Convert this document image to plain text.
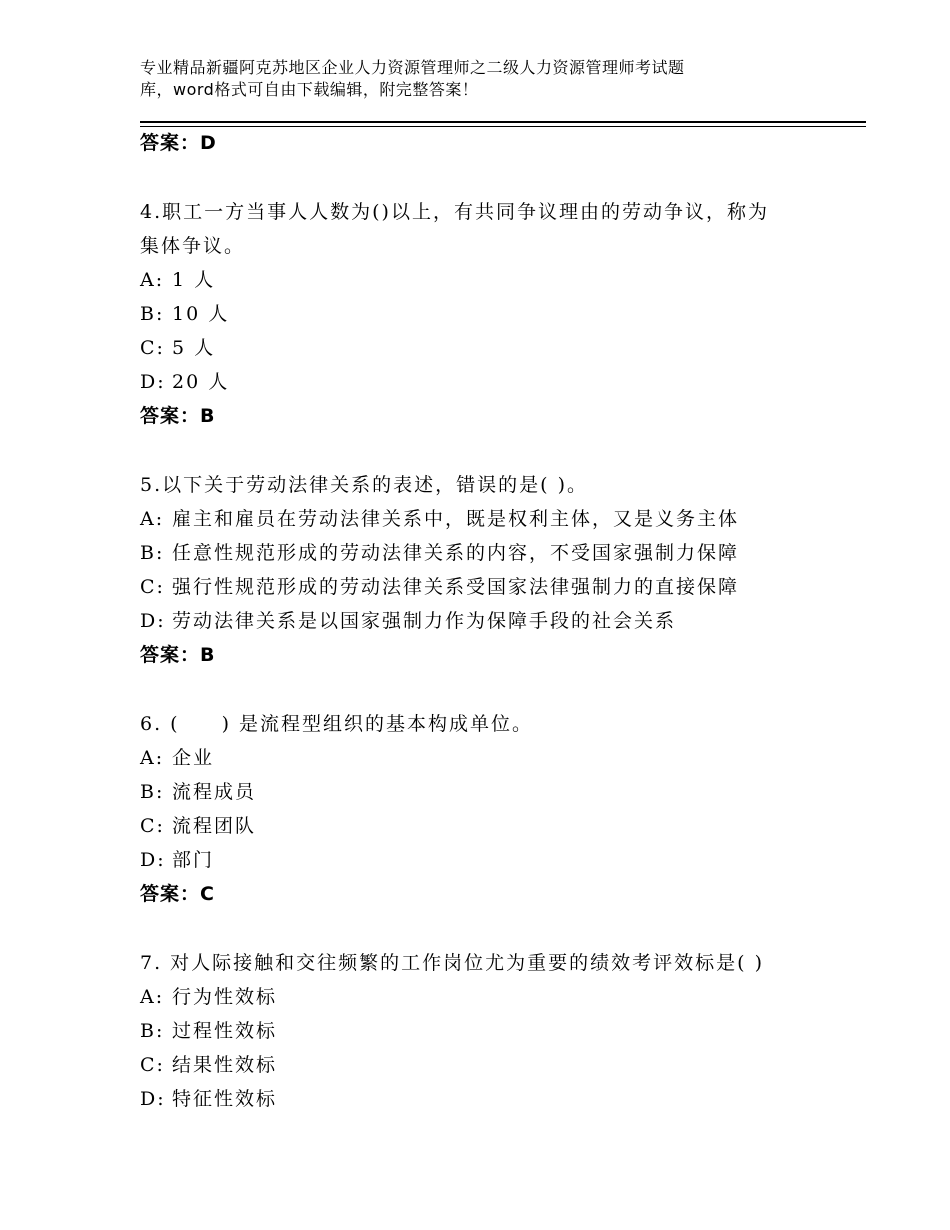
专业精品新疆阿克苏地区企业人力资源管理师之二级人力资源管理师考试题
库，word格式可自由下载编辑，附完整答案！
答案：D
4.职工一方当事人人数为()以上，有共同争议理由的劳动争议，称为
集体争议。
A: 1 人
B: 10 人
C: 5 人
D: 20 人
答案：B
5.以下关于劳动法律关系的表述，错误的是( )。
A: 雇主和雇员在劳动法律关系中，既是权利主体，又是义务主体
B: 任意性规范形成的劳动法律关系的内容，不受国家强制力保障
C: 强行性规范形成的劳动法律关系受国家法律强制力的直接保障
D: 劳动法律关系是以国家强制力作为保障手段的社会关系
答案：B
6. (　　) 是流程型组织的基本构成单位。
A: 企业
B: 流程成员
C: 流程团队
D: 部门
答案：C
7. 对人际接触和交往频繁的工作岗位尤为重要的绩效考评效标是( )
A: 行为性效标
B: 过程性效标
C: 结果性效标
D: 特征性效标
